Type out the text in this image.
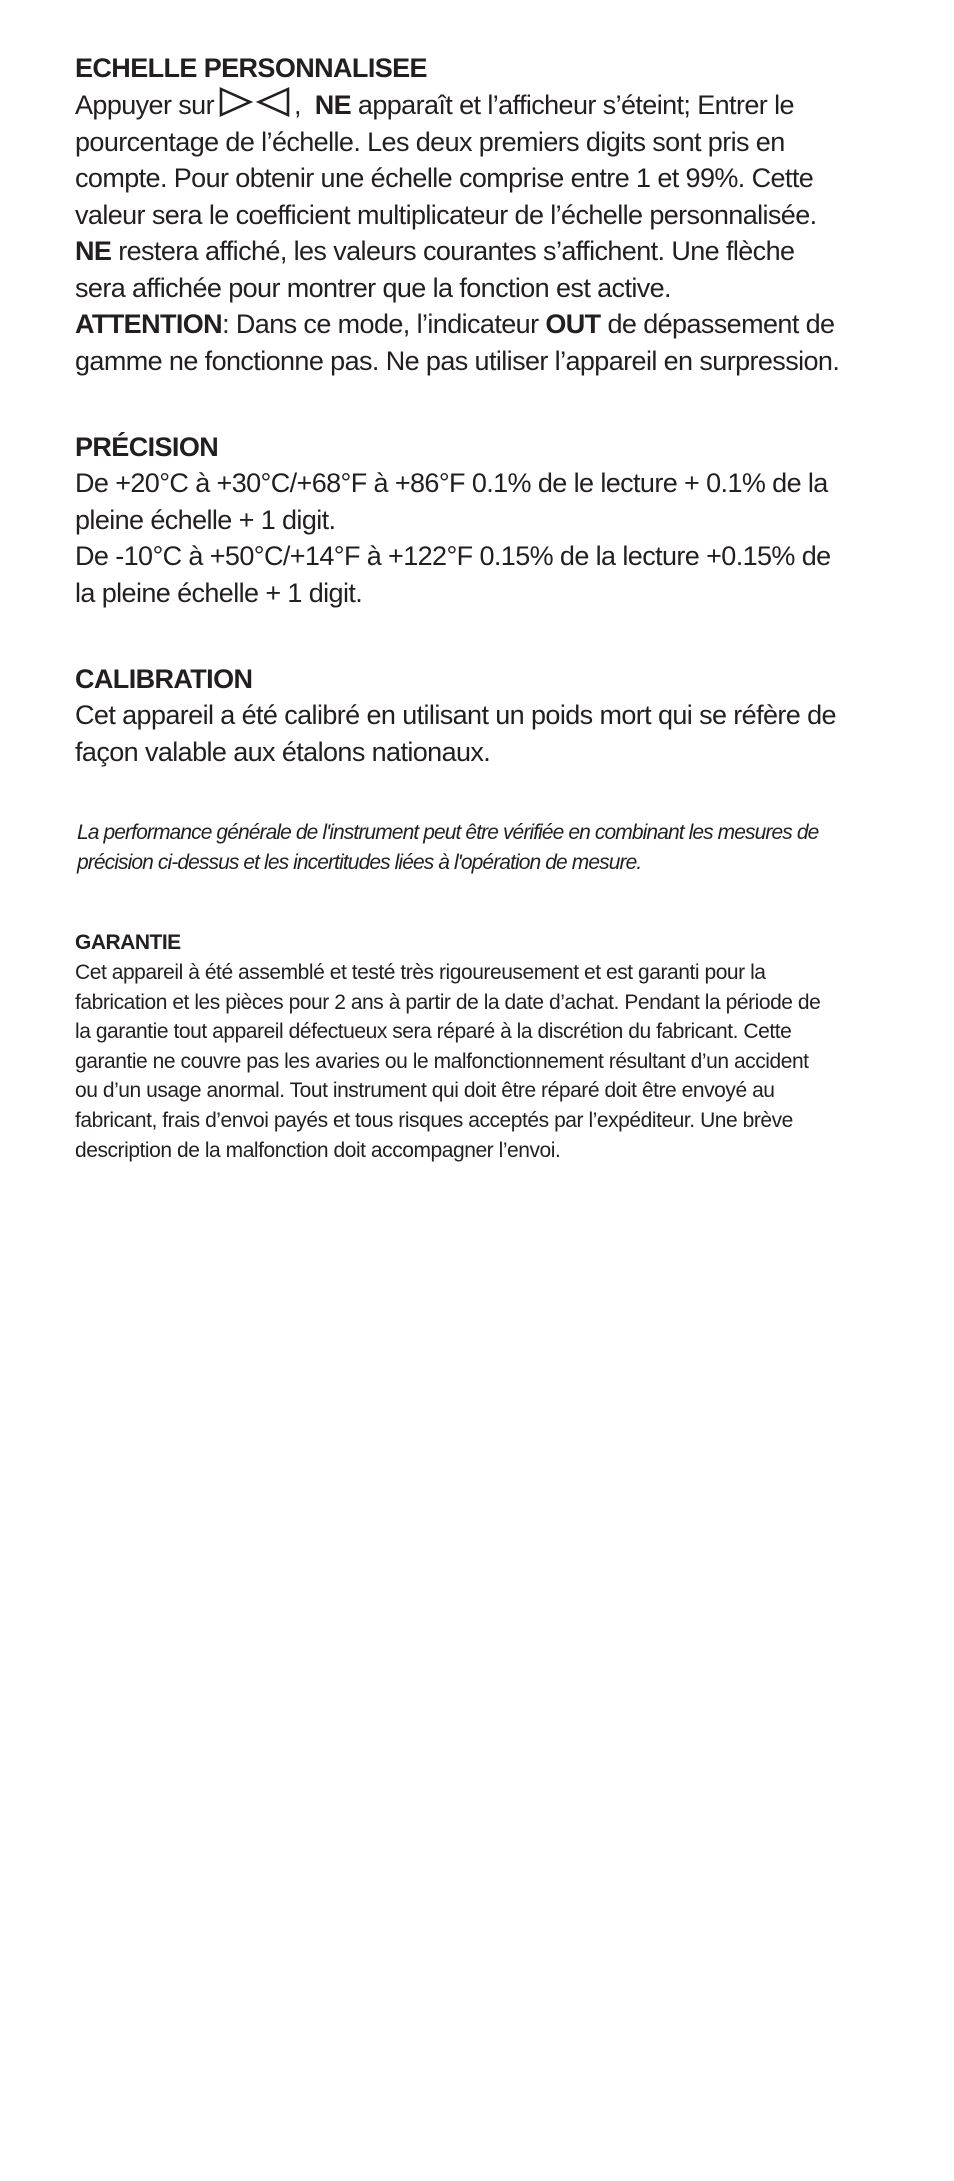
ECHELLE PERSONNALISEE

Appuyer sur	, NE apparaît et l’afficheur s’éteint; Entrer le
pourcentage de l’échelle. Les deux premiers digits sont pris en
compte. Pour obtenir une échelle comprise entre 1 et 99%. Cette
valeur sera le coefficient multiplicateur de l’échelle personnalisée.
NE restera affiché, les valeurs courantes s’affichent. Une flèche
sera affichée pour montrer que la fonction est active.
ATTENTION: Dans ce mode, l’indicateur OUT de dépassement de
gamme ne fonctionne pas. Ne pas utiliser l’appareil en surpression.

PRÉCISION

De +20°C à +30°C/+68°F à +86°F 0.1% de le lecture + 0.1% de la
pleine échelle + 1 digit.
De -10°C à +50°C/+14°F à +122°F 0.15% de la lecture +0.15% de
la pleine échelle + 1 digit.

CALIBRATION

Cet appareil a été calibré en utilisant un poids mort qui se réfère de
façon valable aux étalons nationaux.

La performance générale de l'instrument peut être vérifiée en combinant les mesures de
précision ci-dessus et les incertitudes liées à l'opération de mesure.

GARANTIE

Cet appareil à été assemblé et testé très rigoureusement et est garanti pour la
fabrication et les pièces pour 2 ans à partir de la date d’achat. Pendant la période de
la garantie tout appareil défectueux sera réparé à la discrétion du fabricant. Cette
garantie ne couvre pas les avaries ou le malfonctionnement résultant d’un accident
ou d’un usage anormal. Tout instrument qui doit être réparé doit être envoyé au
fabricant, frais d’envoi payés et tous risques acceptés par l’expéditeur. Une brève
description de la malfonction doit accompagner l’envoi.
